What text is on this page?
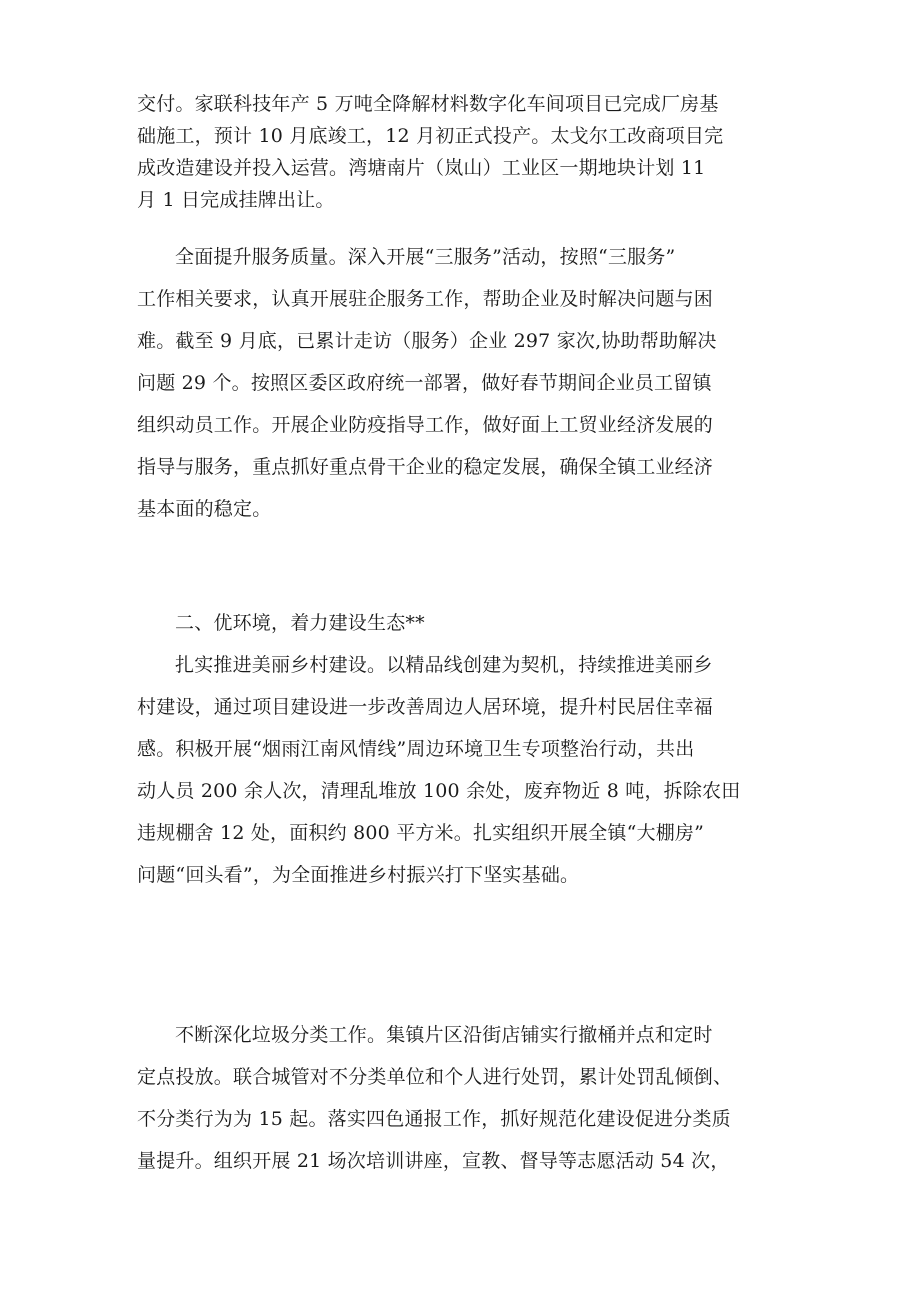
交付。家联科技年产 5 万吨全降解材料数字化车间项目已完成厂房基
础施工，预计 10 月底竣工，12 月初正式投产。太戈尔工改商项目完
成改造建设并投入运营。湾塘南片（岚山）工业区一期地块计划 11
月 1 日完成挂牌出让。

全面提升服务质量。深入开展“三服务”活动，按照“三服务”
工作相关要求，认真开展驻企服务工作，帮助企业及时解决问题与困
难。截至 9 月底，已累计走访（服务）企业 297 家次,协助帮助解决
问题 29 个。按照区委区政府统一部署，做好春节期间企业员工留镇
组织动员工作。开展企业防疫指导工作，做好面上工贸业经济发展的
指导与服务，重点抓好重点骨干企业的稳定发展，确保全镇工业经济
基本面的稳定。

二、优环境，着力建设生态**

扎实推进美丽乡村建设。以精品线创建为契机，持续推进美丽乡
村建设，通过项目建设进一步改善周边人居环境，提升村民居住幸福
感。积极开展“烟雨江南风情线”周边环境卫生专项整治行动，共出
动人员 200 余人次，清理乱堆放 100 余处，废弃物近 8 吨，拆除农田
违规棚舍 12 处，面积约 800 平方米。扎实组织开展全镇“大棚房”
问题“回头看”，为全面推进乡村振兴打下坚实基础。

不断深化垃圾分类工作。集镇片区沿街店铺实行撤桶并点和定时
定点投放。联合城管对不分类单位和个人进行处罚，累计处罚乱倾倒、
不分类行为为 15 起。落实四色通报工作，抓好规范化建设促进分类质
量提升。组织开展 21 场次培训讲座，宣教、督导等志愿活动 54 次，
